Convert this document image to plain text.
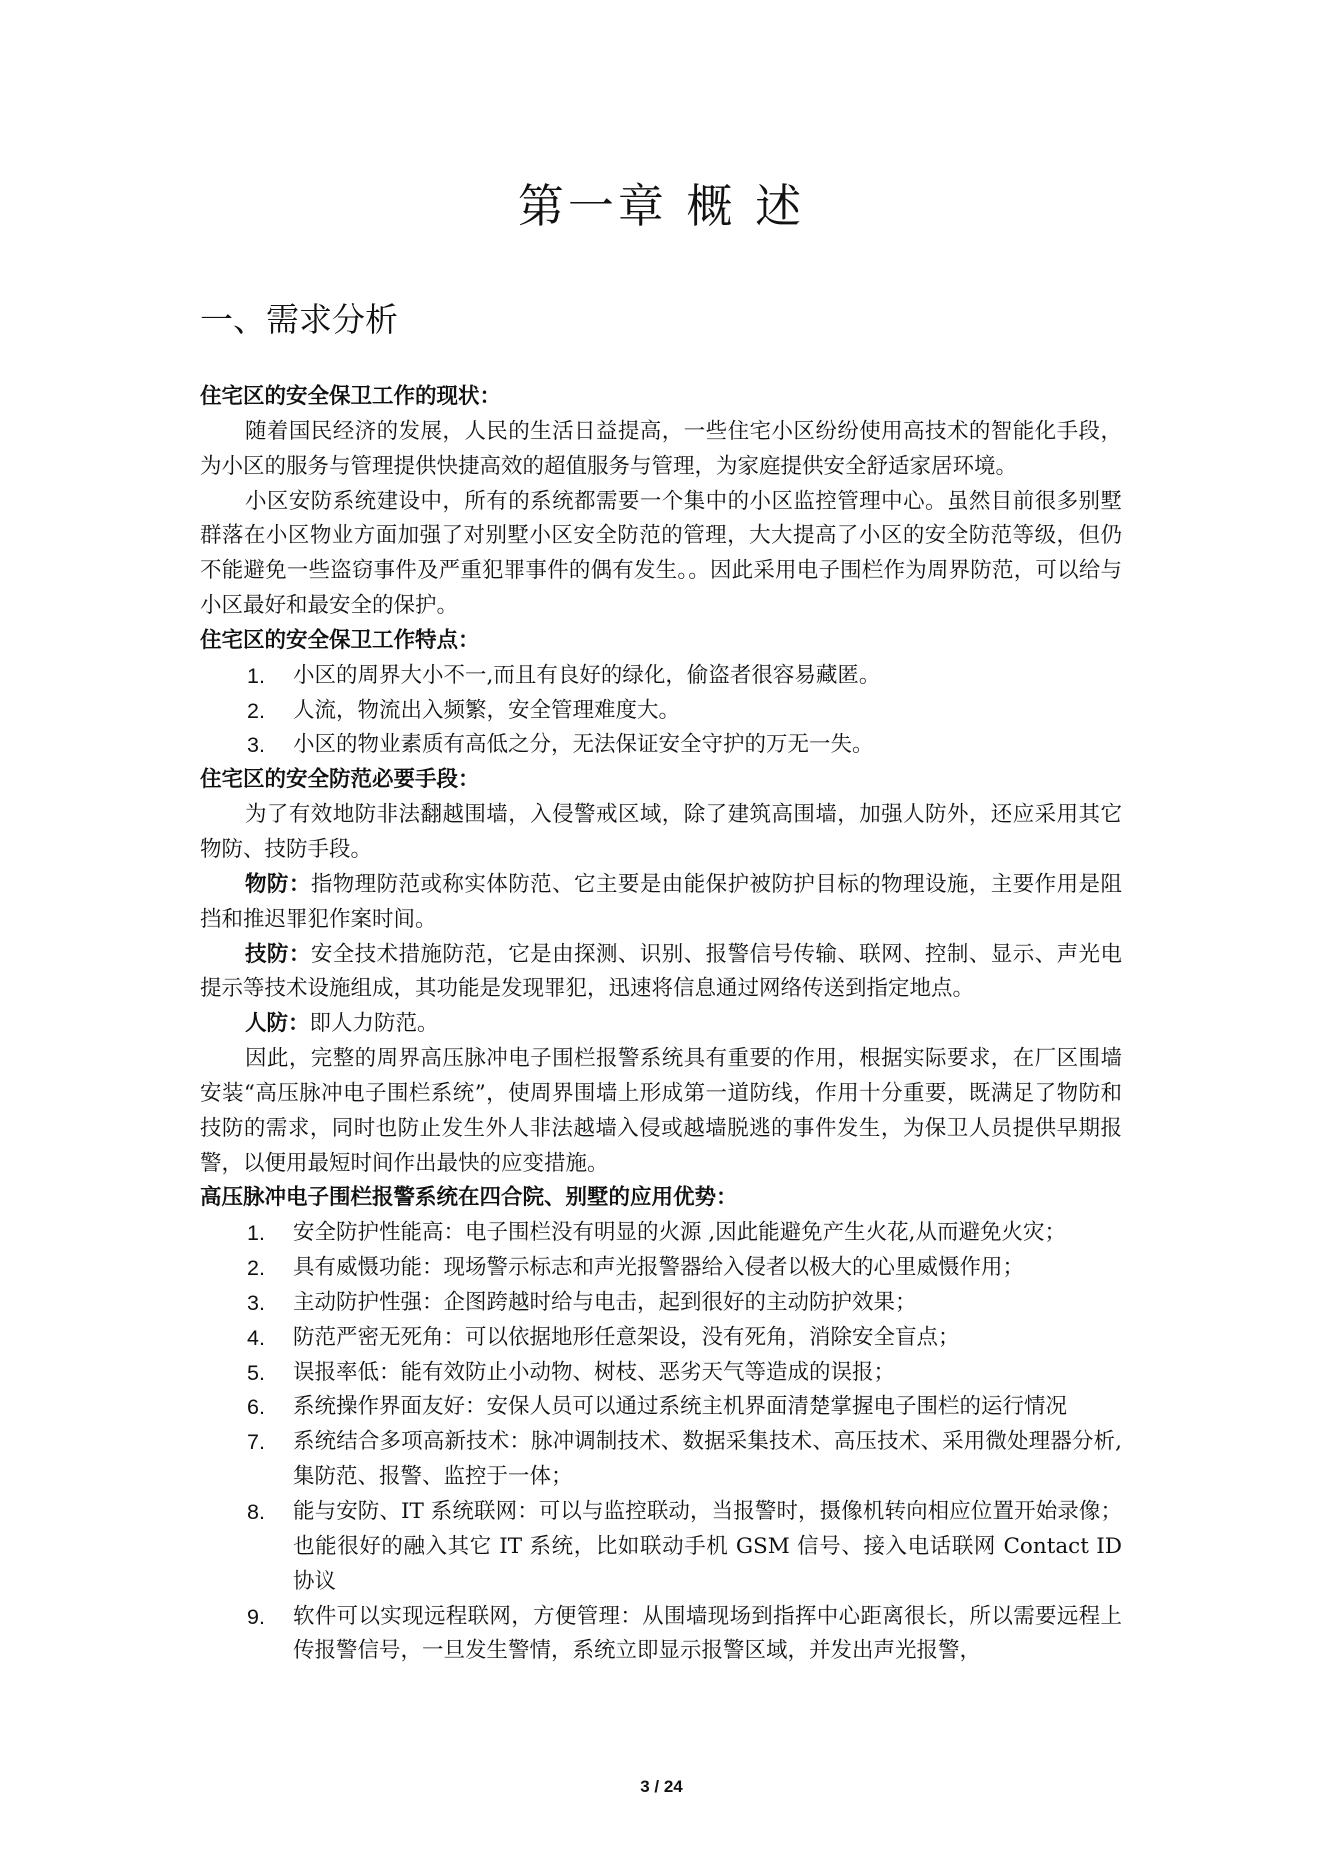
第一章 概 述
一、需求分析

住宅区的安全保卫工作的现状：

随着国民经济的发展，人民的生活日益提高，一些住宅小区纷纷使用高技术的智能化手段，为小区的服务与管理提供快捷高效的超值服务与管理，为家庭提供安全舒适家居环境。

小区安防系统建设中，所有的系统都需要一个集中的小区监控管理中心。虽然目前很多别墅群落在小区物业方面加强了对别墅小区安全防范的管理，大大提高了小区的安全防范等级，但仍不能避免一些盗窃事件及严重犯罪事件的偶有发生。。因此采用电子围栏作为周界防范，可以给与小区最好和最安全的保护。

住宅区的安全保卫工作特点：

1.	小区的周界大小不一,而且有良好的绿化，偷盗者很容易藏匿。
2.	人流，物流出入频繁，安全管理难度大。
3.	小区的物业素质有高低之分，无法保证安全守护的万无一失。

住宅区的安全防范必要手段：

为了有效地防非法翻越围墙，入侵警戒区域，除了建筑高围墙，加强人防外，还应采用其它物防、技防手段。

物防：指物理防范或称实体防范、它主要是由能保护被防护目标的物理设施，主要作用是阻挡和推迟罪犯作案时间。

技防：安全技术措施防范，它是由探测、识别、报警信号传输、联网、控制、显示、声光电提示等技术设施组成，其功能是发现罪犯，迅速将信息通过网络传送到指定地点。

人防：即人力防范。

因此，完整的周界高压脉冲电子围栏报警系统具有重要的作用，根据实际要求，在厂区围墙安装“高压脉冲电子围栏系统”，使周界围墙上形成第一道防线，作用十分重要，既满足了物防和技防的需求，同时也防止发生外人非法越墙入侵或越墙脱逃的事件发生，为保卫人员提供早期报警，以便用最短时间作出最快的应变措施。

高压脉冲电子围栏报警系统在四合院、别墅的应用优势：

1.	安全防护性能高：电子围栏没有明显的火源 ,因此能避免产生火花,从而避免火灾；
2.	具有威慑功能：现场警示标志和声光报警器给入侵者以极大的心里威慑作用；
3.	主动防护性强：企图跨越时给与电击，起到很好的主动防护效果；
4.	防范严密无死角：可以依据地形任意架设，没有死角，消除安全盲点；
5.	误报率低：能有效防止小动物、树枝、恶劣天气等造成的误报；
6.	系统操作界面友好：安保人员可以通过系统主机界面清楚掌握电子围栏的运行情况
7.	系统结合多项高新技术：脉冲调制技术、数据采集技术、高压技术、采用微处理器分析,集防范、报警、监控于一体；
8.	能与安防、IT 系统联网：可以与监控联动，当报警时，摄像机转向相应位置开始录像；也能很好的融入其它 IT 系统，比如联动手机 GSM 信号、接入电话联网 Contact ID 协议
9.	软件可以实现远程联网，方便管理：从围墙现场到指挥中心距离很长，所以需要远程上传报警信号，一旦发生警情，系统立即显示报警区域，并发出声光报警，
3 / 24
